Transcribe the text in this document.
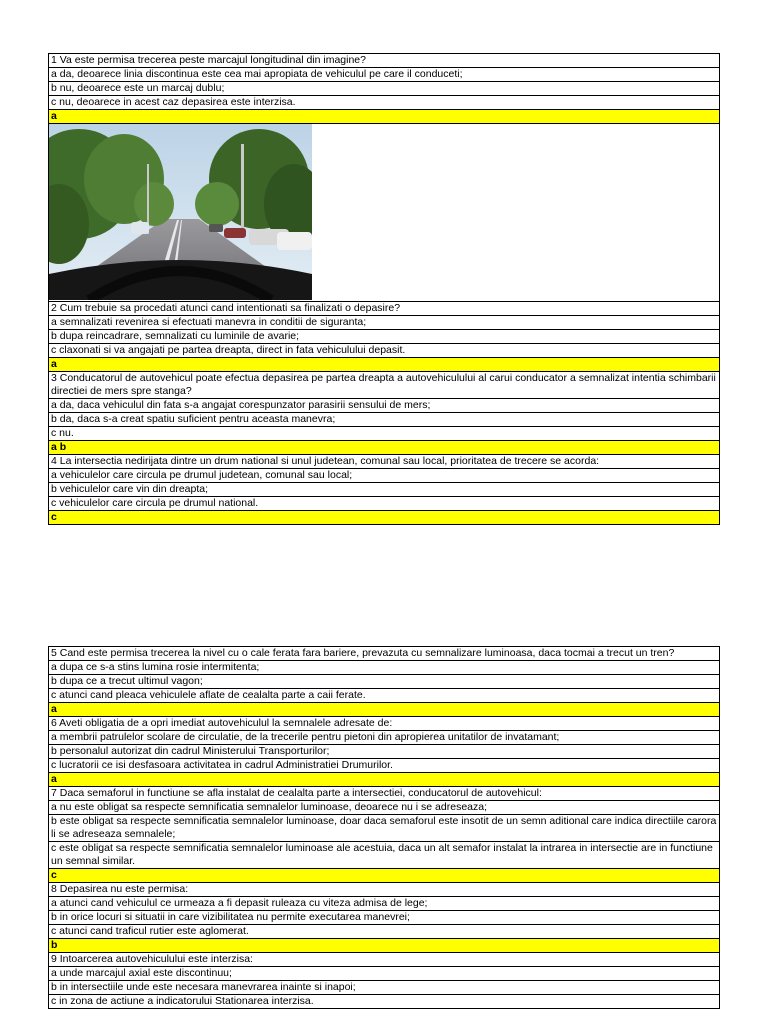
1 Va este permisa trecerea peste marcajul longitudinal din imagine?
a da, deoarece linia discontinua este cea mai apropiata de vehiculul pe care il conduceti;
b nu, deoarece este un marcaj dublu;
c nu, deoarece in acest caz depasirea este interzisa.
a
2 Cum trebuie sa procedati atunci cand intentionati sa finalizati o depasire?
a semnalizati revenirea si efectuati manevra in conditii de siguranta;
b dupa reincadrare, semnalizati cu luminile de avarie;
c claxonati si va angajati pe partea dreapta, direct in fata vehiculului depasit.
a
3 Conducatorul de autovehicul poate efectua depasirea pe partea dreapta a autovehiculului al carui conducator a semnalizat intentia schimbarii directiei de mers spre stanga?
a da, daca vehiculul din fata s-a angajat corespunzator parasirii sensului de mers;
b da, daca s-a creat spatiu suficient pentru aceasta manevra;
c nu.
a b
4 La intersectia nedirijata dintre un drum national si unul judetean, comunal sau local, prioritatea de trecere se acorda:
a vehiculelor care circula pe drumul judetean, comunal sau local;
b vehiculelor care vin din dreapta;
c vehiculelor care circula pe drumul national.
c
5 Cand este permisa trecerea la nivel cu o cale ferata fara bariere, prevazuta cu semnalizare luminoasa, daca tocmai a trecut un tren?
a dupa ce s-a stins lumina rosie intermitenta;
b dupa ce a trecut ultimul vagon;
c atunci cand pleaca vehiculele aflate de cealalta parte a caii ferate.
a
6 Aveti obligatia de a opri imediat autovehiculul la semnalele adresate de:
a membrii patrulelor scolare de circulatie, de la trecerile pentru pietoni din apropierea unitatilor de invatamant;
b personalul autorizat din cadrul Ministerului Transporturilor;
c lucratorii ce isi desfasoara activitatea in cadrul Administratiei Drumurilor.
a
7 Daca semaforul in functiune se afla instalat de cealalta parte a intersectiei, conducatorul de autovehicul:
a nu este obligat sa respecte semnificatia semnalelor luminoase, deoarece nu i se adreseaza;
b este obligat sa respecte semnificatia semnalelor luminoase, doar daca semaforul este insotit de un semn aditional care indica directiile carora li se adreseaza semnalele;
c este obligat sa respecte semnificatia semnalelor luminoase ale acestuia, daca un alt semafor instalat la intrarea in intersectie are in functiune un semnal similar.
c
8 Depasirea nu este permisa:
a atunci cand vehiculul ce urmeaza a fi depasit ruleaza cu viteza admisa de lege;
b in orice locuri si situatii in care vizibilitatea nu permite executarea manevrei;
c atunci cand traficul rutier este aglomerat.
b
9 Intoarcerea autovehiculului este interzisa:
a unde marcajul axial este discontinuu;
b in intersectiile unde este necesara manevrarea inainte si inapoi;
c in zona de actiune a indicatorului Stationarea interzisa.
